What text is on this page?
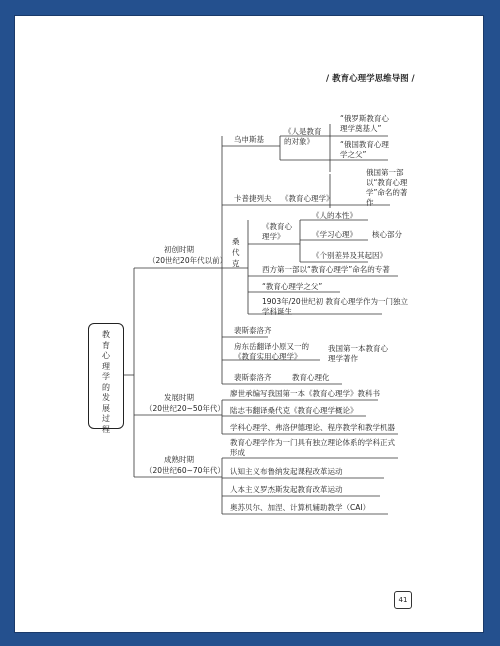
/ 教育心理学思维导图 /
教育心理学的发展过程
初创时期
（20世纪20年代以前）
发展时期
（20世纪20~50年代）
成熟时期
（20世纪60~70年代）
乌申斯基
《人是教育的对象》
“俄罗斯教育心理学奠基人”
“俄国教育心理学之父”
卡普捷列夫 《教育心理学》
俄国第一部以“教育心理学”命名的著作
桑代克
《教育心理学》
《人的本性》
《学习心理》 核心部分
《个别差异及其起因》
西方第一部以“教育心理学”命名的专著
“教育心理学之父”
1903年/20世纪初 教育心理学作为一门独立学科诞生
裴斯泰洛齐
房东岳翻译小原又一的《教育实用心理学》
我国第一本教育心理学著作
裴斯泰洛齐	教育心理化
廖世承编写我国第一本《教育心理学》教科书
陆志韦翻译桑代克《教育心理学概论》
学科心理学、弗洛伊德理论、程序教学和教学机器
教育心理学作为一门具有独立理论体系的学科正式形成
认知主义布鲁纳发起课程改革运动
人本主义罗杰斯发起教育改革运动
奥苏贝尔、加涅、计算机辅助教学（CAI）
41
